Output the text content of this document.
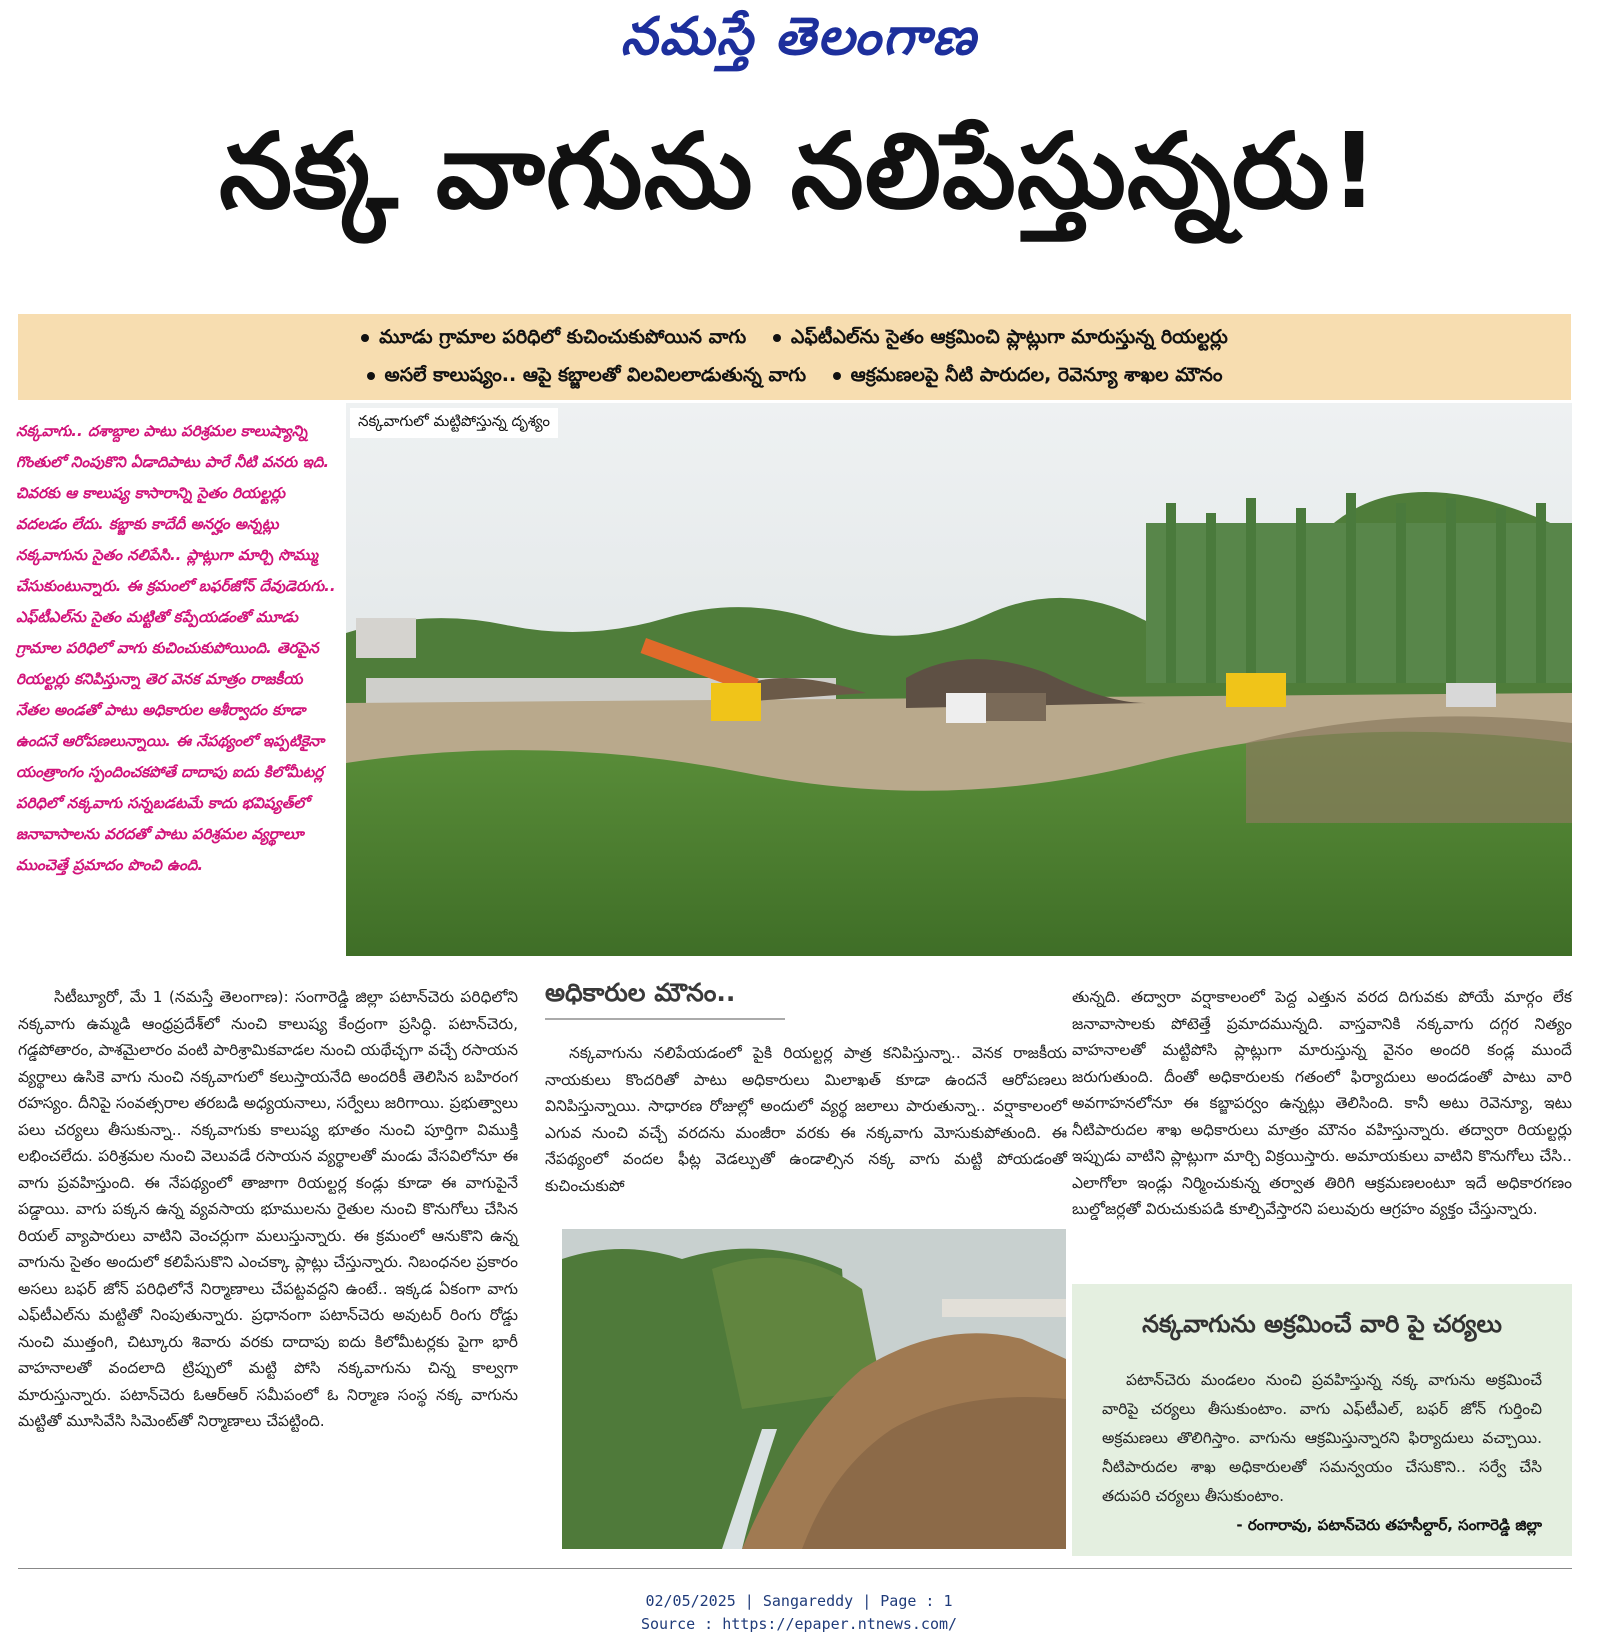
నమస్తే తెలంగాణ
నక్క వాగును నలిపేస్తున్నరు!
మూడు గ్రామాల పరిధిలో కుచించుకుపోయిన వాగు ఎఫ్‌టీఎల్‌ను సైతం ఆక్రమించి ప్లాట్లుగా మారుస్తున్న రియల్టర్లు
అసలే కాలుష్యం.. ఆపై కబ్జాలతో విలవిలలాడుతున్న వాగు ఆక్రమణలపై నీటి పారుదల, రెవెన్యూ శాఖల మౌనం
నక్కవాగు.. దశాబ్దాల పాటు పరిశ్రమల కాలుష్యాన్ని గొంతులో నింపుకొని ఏడాదిపాటు పారే నీటి వనరు ఇది. చివరకు ఆ కాలుష్య కాసారాన్ని సైతం రియల్టర్లు వదలడం లేదు. కబ్జాకు కాదేదీ అనర్హం అన్నట్లు నక్కవాగును సైతం నలిపేసి.. ప్లాట్లుగా మార్చి సొమ్ము చేసుకుంటున్నారు. ఈ క్రమంలో బఫర్‌జోన్ దేవుడెరుగు.. ఎఫ్‌టీఎల్‌ను సైతం మట్టితో కప్పేయడంతో మూడు గ్రామాల పరిధిలో వాగు కుచించుకుపోయింది. తెరపైన రియల్టర్లు కనిపిస్తున్నా తెర వెనక మాత్రం రాజకీయ నేతల అండతో పాటు అధికారుల ఆశీర్వాదం కూడా ఉందనే ఆరోపణలున్నాయి. ఈ నేపథ్యంలో ఇప్పటికైనా యంత్రాంగం స్పందించకపోతే దాదాపు ఐదు కిలోమీటర్ల పరిధిలో నక్కవాగు సన్నబడటమే కాదు భవిష్యత్‌లో జనావాసాలను వరదతో పాటు పరిశ్రమల వ్యర్థాలూ ముంచెత్తే ప్రమాదం పొంచి ఉంది.
నక్కవాగులో మట్టిపోస్తున్న దృశ్యం
సిటీబ్యూరో, మే 1 (నమస్తే తెలంగాణ): సంగారెడ్డి జిల్లా పటాన్‌చెరు పరిధిలోని నక్కవాగు ఉమ్మడి ఆంధ్రప్రదేశ్‌లో నుంచి కాలుష్య కేంద్రంగా ప్రసిద్ధి. పటాన్‌చెరు, గడ్డపోతారం, పాశమైలారం వంటి పారిశ్రామికవాడల నుంచి యథేచ్ఛగా వచ్చే రసాయన వ్యర్థాలు ఉసికె వాగు నుంచి నక్కవాగులో కలుస్తాయనేది అందరికీ తెలిసిన బహిరంగ రహస్యం. దీనిపై సంవత్సరాల తరబడి అధ్యయనాలు, సర్వేలు జరిగాయి. ప్రభుత్వాలు పలు చర్యలు తీసుకున్నా.. నక్కవాగుకు కాలుష్య భూతం నుంచి పూర్తిగా విముక్తి లభించలేదు. పరిశ్రమల నుంచి వెలువడే రసాయన వ్యర్థాలతో మండు వేసవిలోనూ ఈ వాగు ప్రవహిస్తుంది. ఈ నేపథ్యంలో తాజాగా రియల్టర్ల కండ్లు కూడా ఈ వాగుపైనే పడ్డాయి. వాగు పక్కన ఉన్న వ్యవసాయ భూములను రైతుల నుంచి కొనుగోలు చేసిన రియల్ వ్యాపారులు వాటిని వెంచర్లుగా మలుస్తున్నారు. ఈ క్రమంలో ఆనుకొని ఉన్న వాగును సైతం అందులో కలిపేసుకొని ఎంచక్కా ప్లాట్లు చేస్తున్నారు. నిబంధనల ప్రకారం అసలు బఫర్ జోన్ పరిధిలోనే నిర్మాణాలు చేపట్టవద్దని ఉంటే.. ఇక్కడ ఏకంగా వాగు ఎఫ్‌టీఎల్‌ను మట్టితో నింపుతున్నారు. ప్రధానంగా పటాన్‌చెరు అవుటర్ రింగు రోడ్డు నుంచి ముత్తంగి, చిట్కూరు శివారు వరకు దాదాపు ఐదు కిలోమీటర్లకు పైగా భారీ వాహనాలతో వందలాది ట్రిప్పులో మట్టి పోసి నక్కవాగును చిన్న కాల్వగా మారుస్తున్నారు. పటాన్‌చెరు ఓఆర్‌ఆర్ సమీపంలో ఓ నిర్మాణ సంస్థ నక్క వాగును మట్టితో మూసివేసి సిమెంట్‌తో నిర్మాణాలు చేపట్టింది.
అధికారుల మౌనం..
నక్కవాగును నలిపేయడంలో పైకి రియల్టర్ల పాత్ర కనిపిస్తున్నా.. వెనక రాజకీయ నాయకులు కొందరితో పాటు అధికారులు మిలాఖత్ కూడా ఉందనే ఆరోపణలు వినిపిస్తున్నాయి. సాధారణ రోజుల్లో అందులో వ్యర్థ జలాలు పారుతున్నా.. వర్షాకాలంలో ఎగువ నుంచి వచ్చే వరదను మంజీరా వరకు ఈ నక్కవాగు మోసుకుపోతుంది. ఈ నేపథ్యంలో వందల ఫీట్ల వెడల్పుతో ఉండాల్సిన నక్క వాగు మట్టి పోయడంతో కుచించుకుపో
తున్నది. తద్వారా వర్షాకాలంలో పెద్ద ఎత్తున వరద దిగువకు పోయే మార్గం లేక జనావాసాలకు పోటెత్తే ప్రమాదమున్నది. వాస్తవానికి నక్కవాగు దగ్గర నిత్యం వాహనాలతో మట్టిపోసి ప్లాట్లుగా మారుస్తున్న వైనం అందరి కండ్ల ముందే జరుగుతుంది. దీంతో అధికారులకు గతంలో ఫిర్యాదులు అందడంతో పాటు వారి అవగాహనలోనూ ఈ కబ్జాపర్వం ఉన్నట్లు తెలిసింది. కానీ అటు రెవెన్యూ, ఇటు నీటిపారుదల శాఖ అధికారులు మాత్రం మౌనం వహిస్తున్నారు. తద్వారా రియల్టర్లు ఇప్పుడు వాటిని ప్లాట్లుగా మార్చి విక్రయిస్తారు. అమాయకులు వాటిని కొనుగోలు చేసి.. ఎలాగోలా ఇండ్లు నిర్మించుకున్న తర్వాత తిరిగి ఆక్రమణలంటూ ఇదే అధికారగణం బుల్డోజర్లతో విరుచుకుపడి కూల్చివేస్తారని పలువురు ఆగ్రహం వ్యక్తం చేస్తున్నారు.
నక్కవాగును అక్రమించే వారి పై చర్యలు
పటాన్‌చెరు మండలం నుంచి ప్రవహిస్తున్న నక్క వాగును అక్రమించే వారిపై చర్యలు తీసుకుంటాం. వాగు ఎఫ్‌టీఎల్, బఫర్ జోన్ గుర్తించి అక్రమణలు తొలిగిస్తాం. వాగును ఆక్రమిస్తున్నారని ఫిర్యాదులు వచ్చాయి. నీటిపారుదల శాఖ అధికారులతో సమన్వయం చేసుకొని.. సర్వే చేసి తదుపరి చర్యలు తీసుకుంటాం.
- రంగారావు, పటాన్‌చెరు తహసీల్దార్, సంగారెడ్డి జిల్లా
02/05/2025 | Sangareddy | Page : 1
Source : https://epaper.ntnews.com/
